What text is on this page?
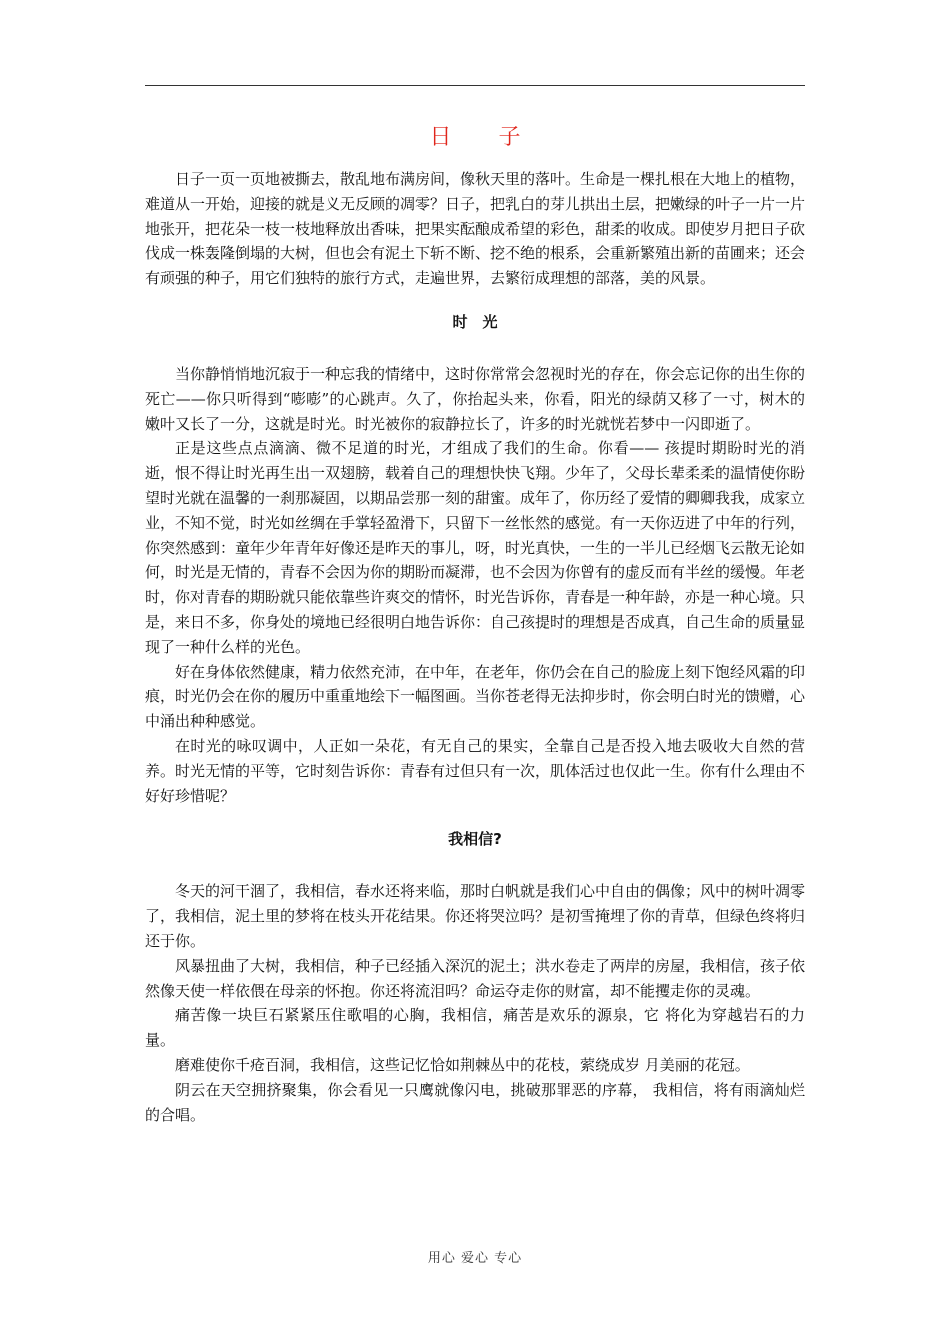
日 子

日子一页一页地被撕去，散乱地布满房间，像秋天里的落叶。生命是一棵扎根在大地上的植物，难道从一开始，迎接的就是义无反顾的凋零？日子，把乳白的芽儿拱出土层，把嫩绿的叶子一片一片地张开，把花朵一枝一枝地释放出香味，把果实酝酿成希望的彩色，甜柔的收成。即使岁月把日子砍伐成一株轰隆倒塌的大树，但也会有泥土下斩不断、挖不绝的根系，会重新繁殖出新的苗圃来；还会有顽强的种子，用它们独特的旅行方式，走遍世界，去繁衍成理想的部落，美的风景。

时　光

当你静悄悄地沉寂于一种忘我的情绪中，这时你常常会忽视时光的存在，你会忘记你的出生你的死亡——你只听得到“嘭嘭”的心跳声。久了，你抬起头来，你看，阳光的绿荫又移了一寸，树木的嫩叶又长了一分，这就是时光。时光被你的寂静拉长了，许多的时光就恍若梦中一闪即逝了。

正是这些点点滴滴、微不足道的时光，才组成了我们的生命。你看—— 孩提时期盼时光的消逝，恨不得让时光再生出一双翅膀，载着自己的理想快快飞翔。少年了，父母长辈柔柔的温情使你盼望时光就在温馨的一刹那凝固，以期品尝那一刻的甜蜜。成年了，你历经了爱情的卿卿我我，成家立业，不知不觉，时光如丝绸在手掌轻盈滑下，只留下一丝怅然的感觉。有一天你迈进了中年的行列，你突然感到：童年少年青年好像还是昨天的事儿，呀，时光真快，一生的一半儿已经烟飞云散无论如何，时光是无情的，青春不会因为你的期盼而凝滞，也不会因为你曾有的虚反而有半丝的缓慢。年老时，你对青春的期盼就只能依靠些许爽交的情怀，时光告诉你，青春是一种年龄，亦是一种心境。只是，来日不多，你身处的境地已经很明白地告诉你：自己孩提时的理想是否成真，自己生命的质量显现了一种什么样的光色。

好在身体依然健康，精力依然充沛，在中年，在老年，你仍会在自己的脸庞上刻下饱经风霜的印痕，时光仍会在你的履历中重重地绘下一幅图画。当你苍老得无法抑步时，你会明白时光的馈赠，心中涌出种种感觉。

在时光的咏叹调中，人正如一朵花，有无自己的果实，全靠自己是否投入地去吸收大自然的营养。时光无情的平等，它时刻告诉你：青春有过但只有一次，肌体活过也仅此一生。你有什么理由不好好珍惜呢？

我相信?

冬天的河干涸了，我相信，春水还将来临，那时白帆就是我们心中自由的偶像；风中的树叶凋零了，我相信，泥土里的梦将在枝头开花结果。你还将哭泣吗？是初雪掩埋了你的青草，但绿色终将归还于你。

风暴扭曲了大树，我相信，种子已经插入深沉的泥土；洪水卷走了两岸的房屋，我相信，孩子依然像天使一样依偎在母亲的怀抱。你还将流泪吗？命运夺走你的财富，却不能攫走你的灵魂。

痛苦像一块巨石紧紧压住歌唱的心胸，我相信，痛苦是欢乐的源泉，它 将化为穿越岩石的力量。

磨难使你千疮百洞，我相信，这些记忆恰如荆棘丛中的花枝，萦绕成岁 月美丽的花冠。

阴云在天空拥挤聚集，你会看见一只鹰就像闪电，挑破那罪恶的序幕， 我相信，将有雨滴灿烂的合唱。

用心 爱心 专心
